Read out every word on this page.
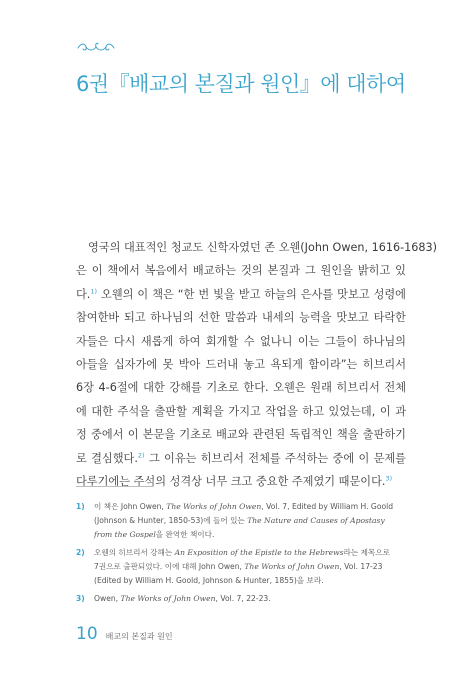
6권『배교의 본질과 원인』에 대하여
영국의 대표적인 청교도 신학자였던 존 오웬(John Owen, 1616-1683)
은 이 책에서 복음에서 배교하는 것의 본질과 그 원인을 밝히고 있
다.$^{1)}$ 오웬의 이 책은 “한 번 빛을 받고 하늘의 은사를 맛보고 성령에
참여한바 되고 하나님의 선한 말씀과 내세의 능력을 맛보고 타락한
자들은 다시 새롭게 하여 회개할 수 없나니 이는 그들이 하나님의
아들을 십자가에 못 박아 드러내 놓고 욕되게 함이라”는 히브리서
6장 4-6절에 대한 강해를 기초로 한다. 오웬은 원래 히브리서 전체
에 대한 주석을 출판할 계획을 가지고 작업을 하고 있었는데, 이 과
정 중에서 이 본문을 기초로 배교와 관련된 독립적인 책을 출판하기
로 결심했다.$^{2)}$ 그 이유는 히브리서 전체를 주석하는 중에 이 문제를
다루기에는 주석의 성격상 너무 크고 중요한 주제였기 때문이다.$^{3)}$
1) 이 책은 John Owen, The Works of John Owen, Vol. 7, Edited by William H. Goold
(Johnson & Hunter, 1850-53)에 들어 있는 The Nature and Causes of Apostasy
from the Gospel을 완역한 책이다.
2) 오웬의 히브리서 강해는 An Exposition of the Epistle to the Hebrews라는 제목으로
7권으로 출판되었다. 이에 대해 John Owen, The Works of John Owen, Vol. 17-23
(Edited by William H. Goold, Johnson & Hunter, 1855)을 보라.
3) Owen, The Works of John Owen, Vol. 7, 22-23.
10 배교의 본질과 원인
